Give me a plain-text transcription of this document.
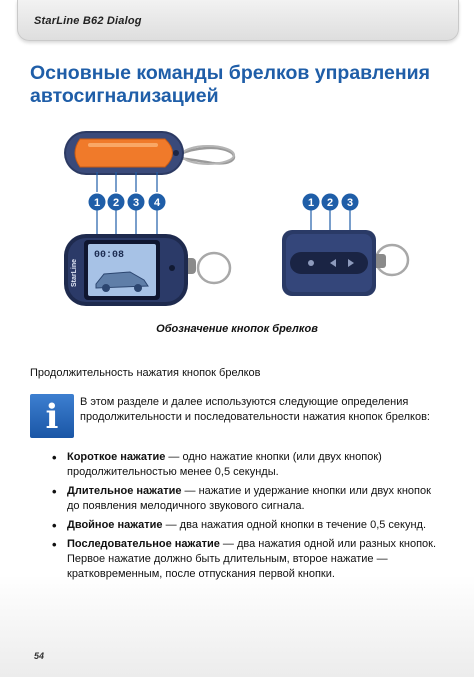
StarLine B62 Dialog
Основные команды брелков управления автосигнализацией
1 2 3 4
StarLine
00:08
1 2 3
Обозначение кнопок брелков
Продолжительность нажатия кнопок брелков
i	В этом разделе и далее используются следующие определения продолжительности и последовательности нажатия кнопок брелков:
• Короткое нажатие — одно нажатие кнопки (или двух кнопок) продолжительностью менее 0,5 секунды.
• Длительное нажатие — нажатие и удержание кнопки или двух кнопок до появления мелодичного звукового сигнала.
• Двойное нажатие — два нажатия одной кнопки в течение 0,5 секунд.
• Последовательное нажатие — два нажатия одной или разных кнопок. Первое нажатие должно быть длительным, второе нажатие — кратковременным, после отпускания первой кнопки.
54
